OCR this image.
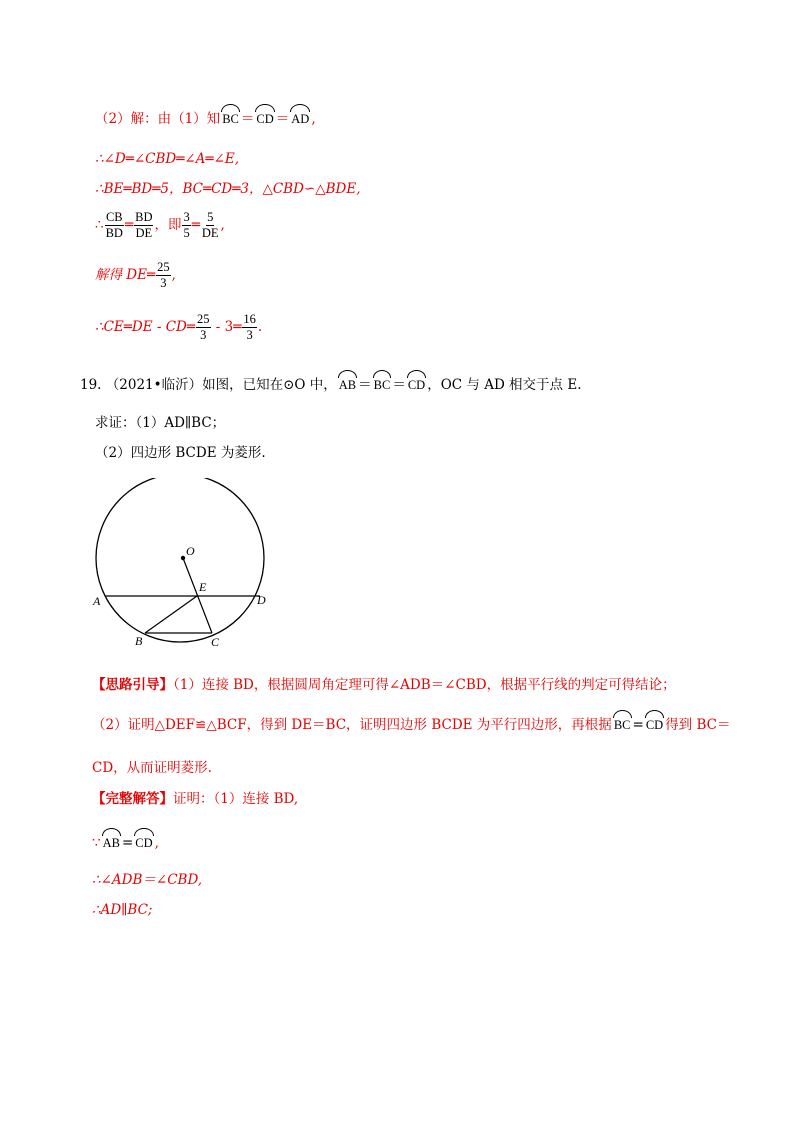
（2）解：由（1）知 BC ＝ CD ＝ AD ,
∴∠D═∠CBD═∠A═∠E,
∴BE═BD═5，BC═CD═3，△CBD∽△BDE,
∴ $\frac{CB}{BD}$ ═ $\frac{BD}{DE}$ ，即 $\frac{3}{5}$ ═ $\frac{5}{DE}$ ,
解得 DE═ $\frac{25}{3}$ ,
∴CE═DE - CD═ $\frac{25}{3}$ - 3═ $\frac{16}{3}$ .
19. （2021•临沂）如图，已知在⊙O 中， AB ＝ BC ＝ CD ，OC 与 AD 相交于点 E.
求证：（1）AD∥BC；
（2）四边形 BCDE 为菱形.
O
E
A	D
B	C
【思路引导】（1）连接 BD，根据圆周角定理可得∠ADB＝∠CBD，根据平行线的判定可得结论；
（2）证明△DEF≌△BCF，得到 DE＝BC，证明四边形 BCDE 为平行四边形，再根据 BC = CD 得到 BC＝
CD，从而证明菱形.
【完整解答】证明：（1）连接 BD,
∵ AB = CD ,
∴∠ADB＝∠CBD,
∴AD∥BC;
